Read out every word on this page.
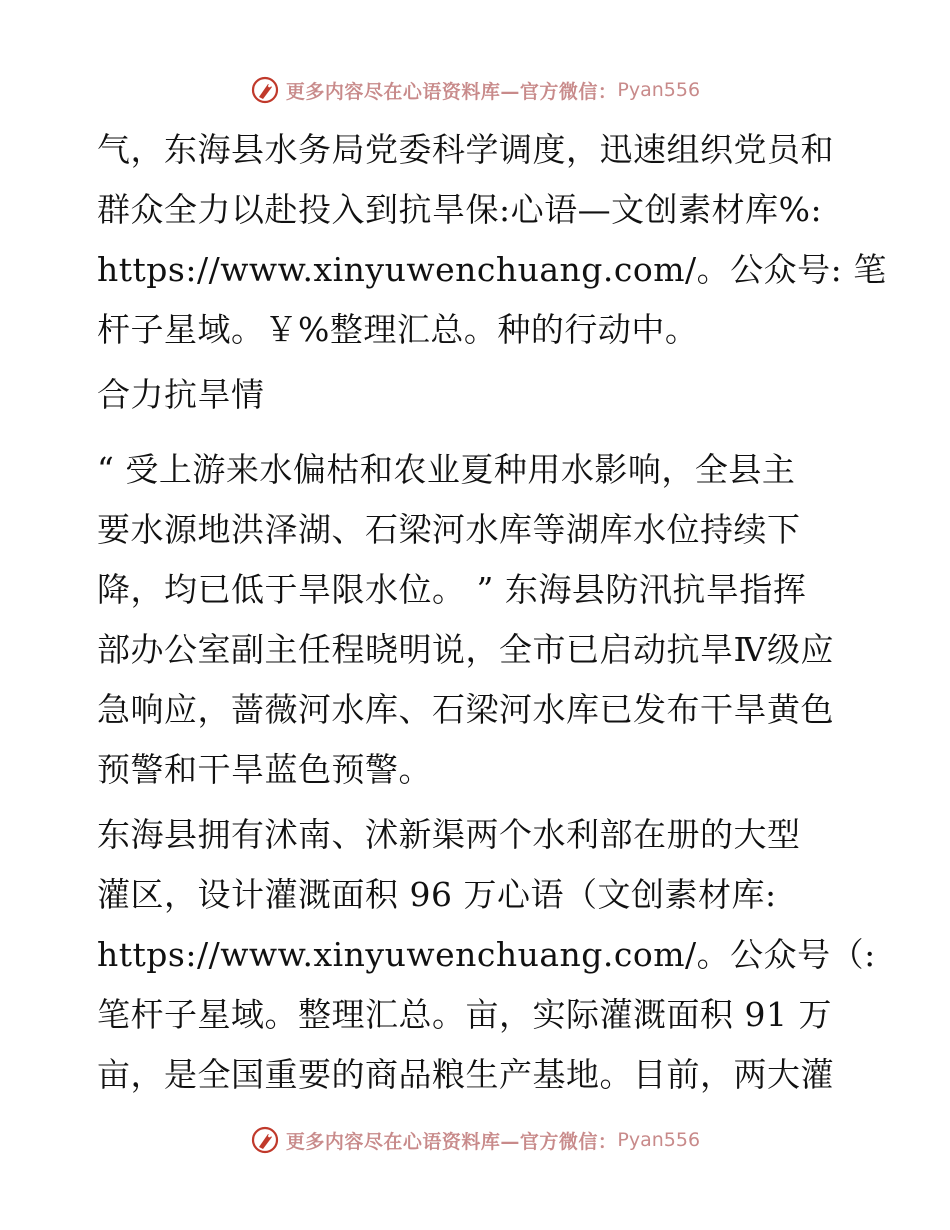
更多内容尽在心语资料库—官方微信： Pyan556
气，东海县水务局党委科学调度，迅速组织党员和
群众全力以赴投入到抗旱保:心语—文创素材库%:
https://www.xinyuwenchuang.com/。公众号: 笔
杆子星域。￥%整理汇总。种的行动中。
合力抗旱情
“ 受上游来水偏枯和农业夏种用水影响，全县主
要水源地洪泽湖、石梁河水库等湖库水位持续下
降，均已低于旱限水位。 ” 东海县防汛抗旱指挥
部办公室副主任程晓明说，全市已启动抗旱Ⅳ级应
急响应，蔷薇河水库、石梁河水库已发布干旱黄色
预警和干旱蓝色预警。
东海县拥有沭南、沭新渠两个水利部在册的大型
灌区，设计灌溉面积 96 万心语（文创素材库:
https://www.xinyuwenchuang.com/。公众号（:
笔杆子星域。整理汇总。亩，实际灌溉面积 91 万
亩，是全国重要的商品粮生产基地。目前，两大灌
更多内容尽在心语资料库—官方微信： Pyan556
